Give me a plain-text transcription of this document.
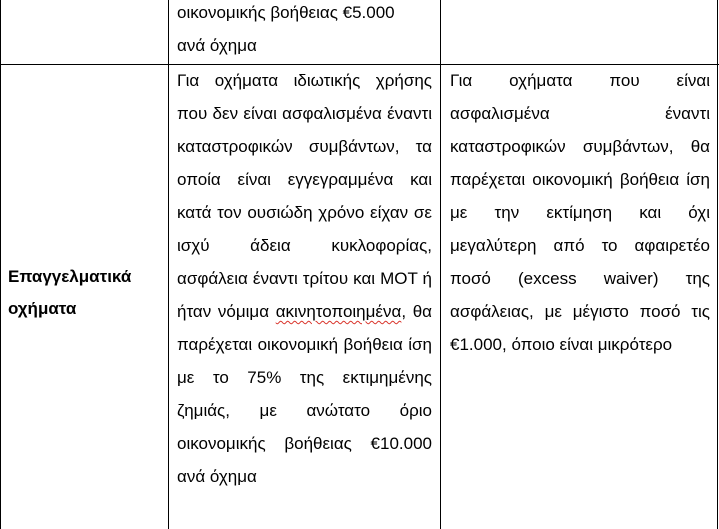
οικονομικής βοήθειας €5.000

ανά όχημα

Επαγγελματικά οχήματα

Για οχήματα ιδιωτικής χρήσης που δεν είναι ασφαλισμένα έναντι καταστροφικών συμβάντων, τα οποία είναι εγγεγραμμένα και κατά τον ουσιώδη χρόνο είχαν σε ισχύ άδεια κυκλοφορίας, ασφάλεια έναντι τρίτου και ΜΟΤ ή ήταν νόμιμα ακινητοποιημένα, θα παρέχεται οικονομική βοήθεια ίση με το 75% της εκτιμημένης ζημιάς, με ανώτατο όριο οικονομικής βοήθειας €10.000 ανά όχημα

Για οχήματα που είναι ασφαλισμένα έναντι καταστροφικών συμβάντων, θα παρέχεται οικονομική βοήθεια ίση με την εκτίμηση και όχι μεγαλύτερη από το αφαιρετέο ποσό (excess waiver) της ασφάλειας, με μέγιστο ποσό τις €1.000, όποιο είναι μικρότερο
